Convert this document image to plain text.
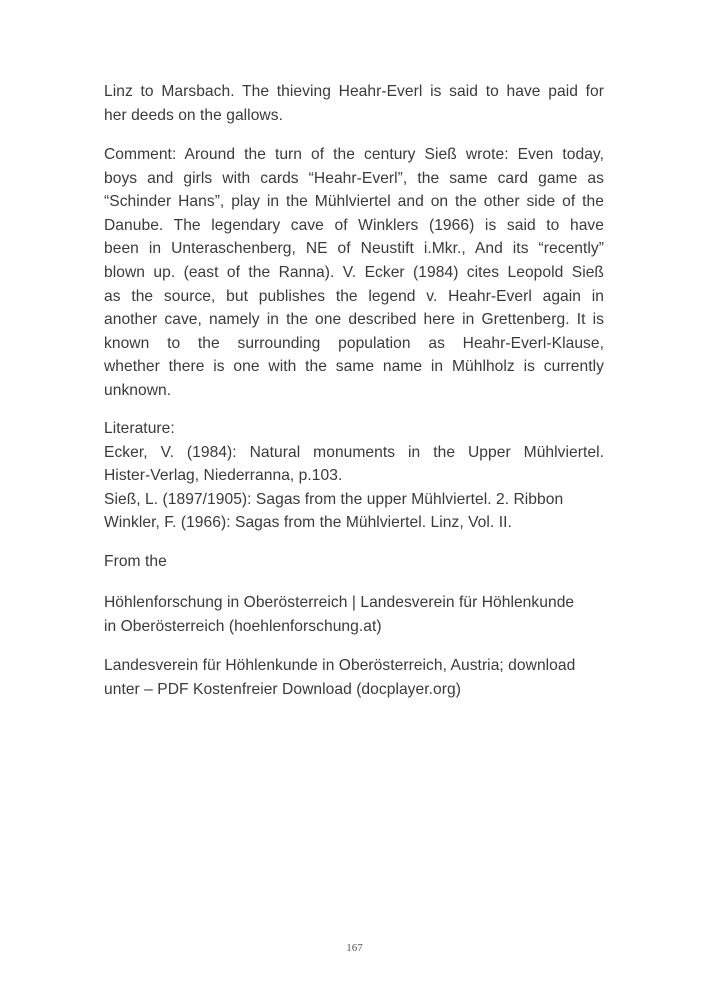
Linz to Marsbach. The thieving Heahr-Everl is said to have paid for
her deeds on the gallows.
Comment: Around the turn of the century Sieß wrote: Even today,
boys and girls with cards “Heahr-Everl”, the same card game as
“Schinder Hans”, play in the Mühlviertel and on the other side of the
Danube. The legendary cave of Winklers (1966) is said to have
been in Unteraschenberg, NE of Neustift i.Mkr., And its “recently”
blown up. (east of the Ranna). V. Ecker (1984) cites Leopold Sieß
as the source, but publishes the legend v. Heahr-Everl again in
another cave, namely in the one described here in Grettenberg. It is
known to the surrounding population as Heahr-Everl-Klause,
whether there is one with the same name in Mühlholz is currently
unknown.
Literature:
Ecker, V. (1984): Natural monuments in the Upper Mühlviertel.
Hister-Verlag, Niederranna, p.103.
Sieß, L. (1897/1905): Sagas from the upper Mühlviertel. 2. Ribbon
Winkler, F. (1966): Sagas from the Mühlviertel. Linz, Vol. II.
From the
Höhlenforschung in Oberösterreich | Landesverein für Höhlenkunde
in Oberösterreich (hoehlenforschung.at)
Landesverein für Höhlenkunde in Oberösterreich, Austria; download
unter – PDF Kostenfreier Download (docplayer.org)
167
